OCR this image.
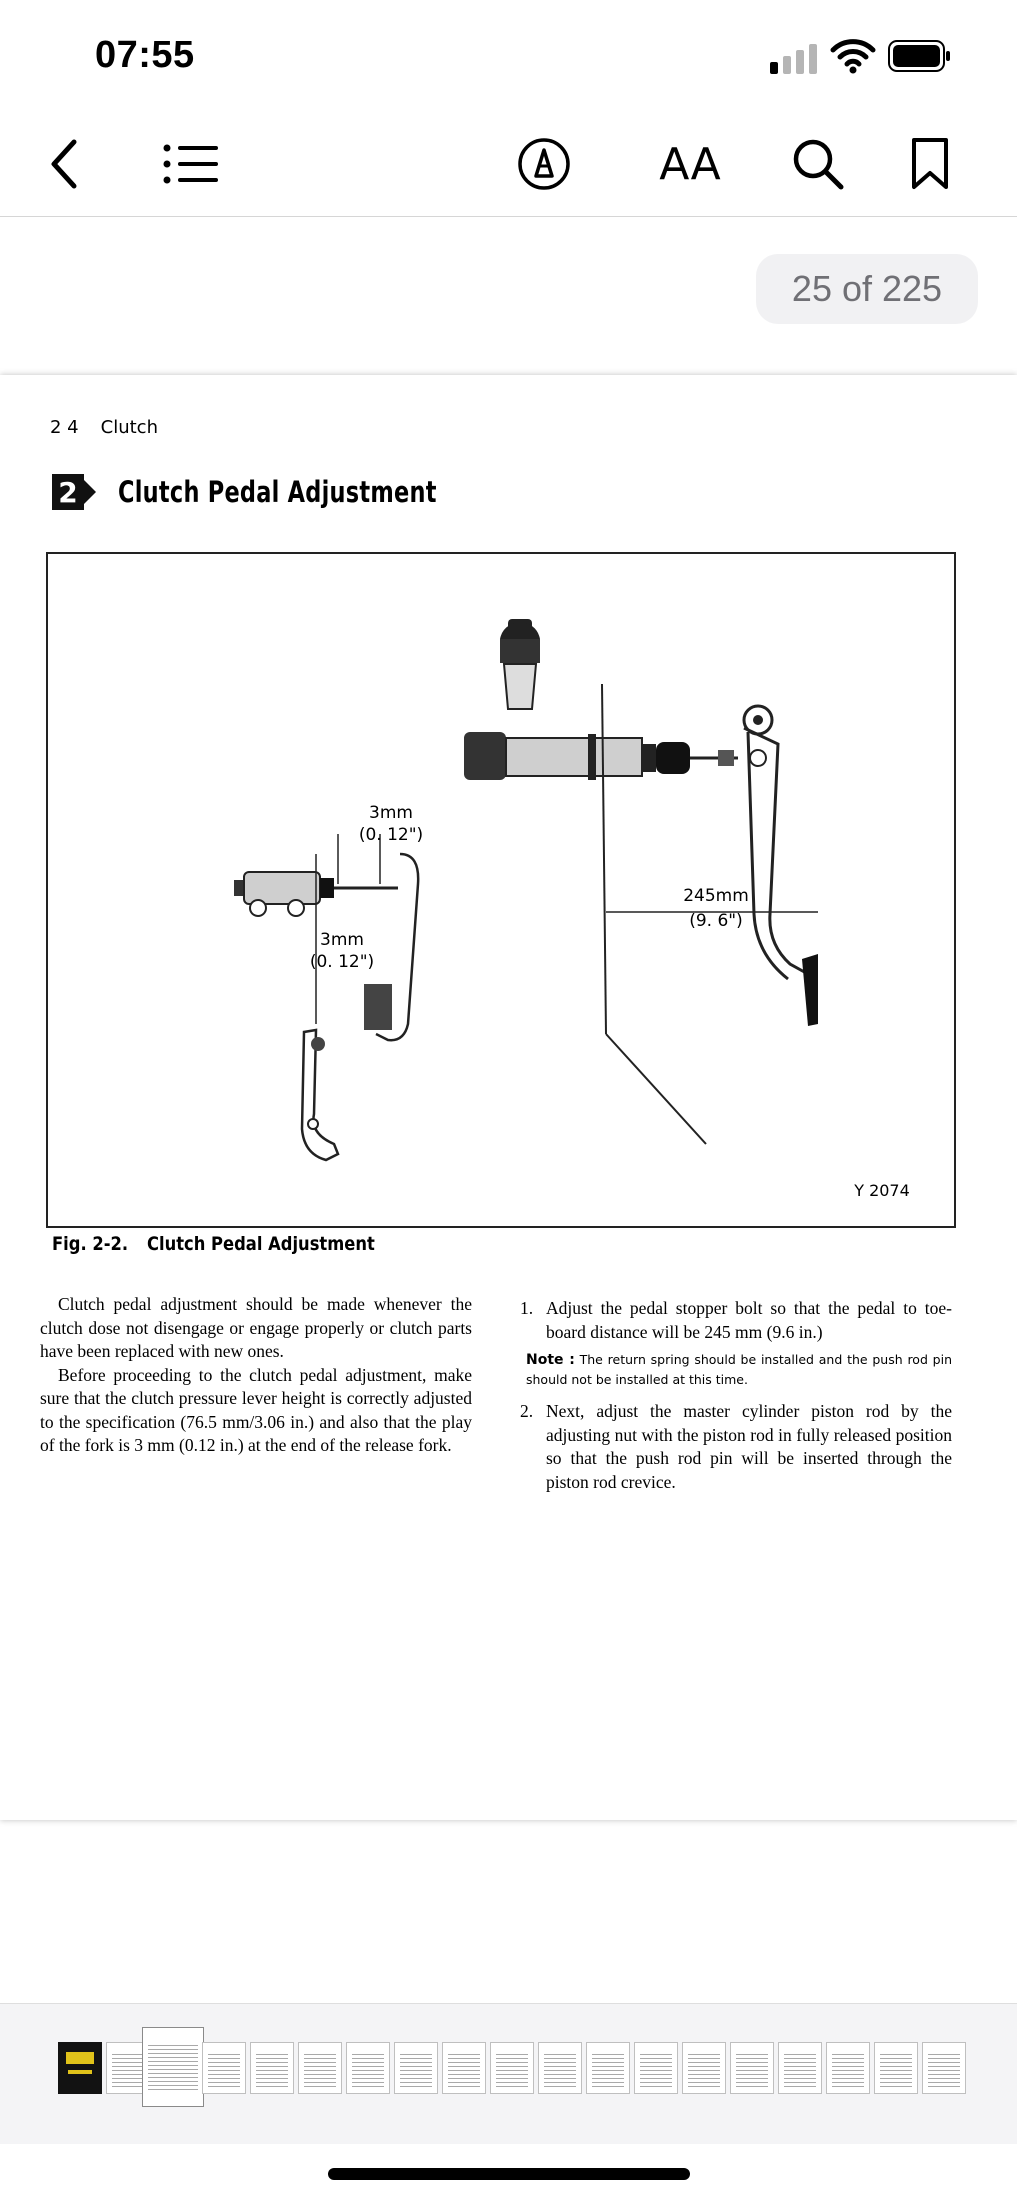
07:55
AA
25 of 225
2 4 Clutch
2 Clutch Pedal Adjustment
245mm
(9. 6")
3mm
(0. 12")
3mm
(0. 12")
Y 2074
Fig. 2-2. Clutch Pedal Adjustment

Clutch pedal adjustment should be made whenever the clutch dose not disengage or engage properly or clutch parts have been replaced with new ones.

Before proceeding to the clutch pedal adjustment, make sure that the clutch pressure lever height is correctly adjusted to the specification (76.5 mm/3.06 in.) and also that the play of the fork is 3 mm (0.12 in.) at the end of the release fork.

1. Adjust the pedal stopper bolt so that the pedal to toe-board distance will be 245 mm (9.6 in.)
Note : The return spring should be installed and the push rod pin should not be installed at this time.
2. Next, adjust the master cylinder piston rod by the adjusting nut with the piston rod in fully released position so that the push rod pin will be inserted through the piston rod crevice.
